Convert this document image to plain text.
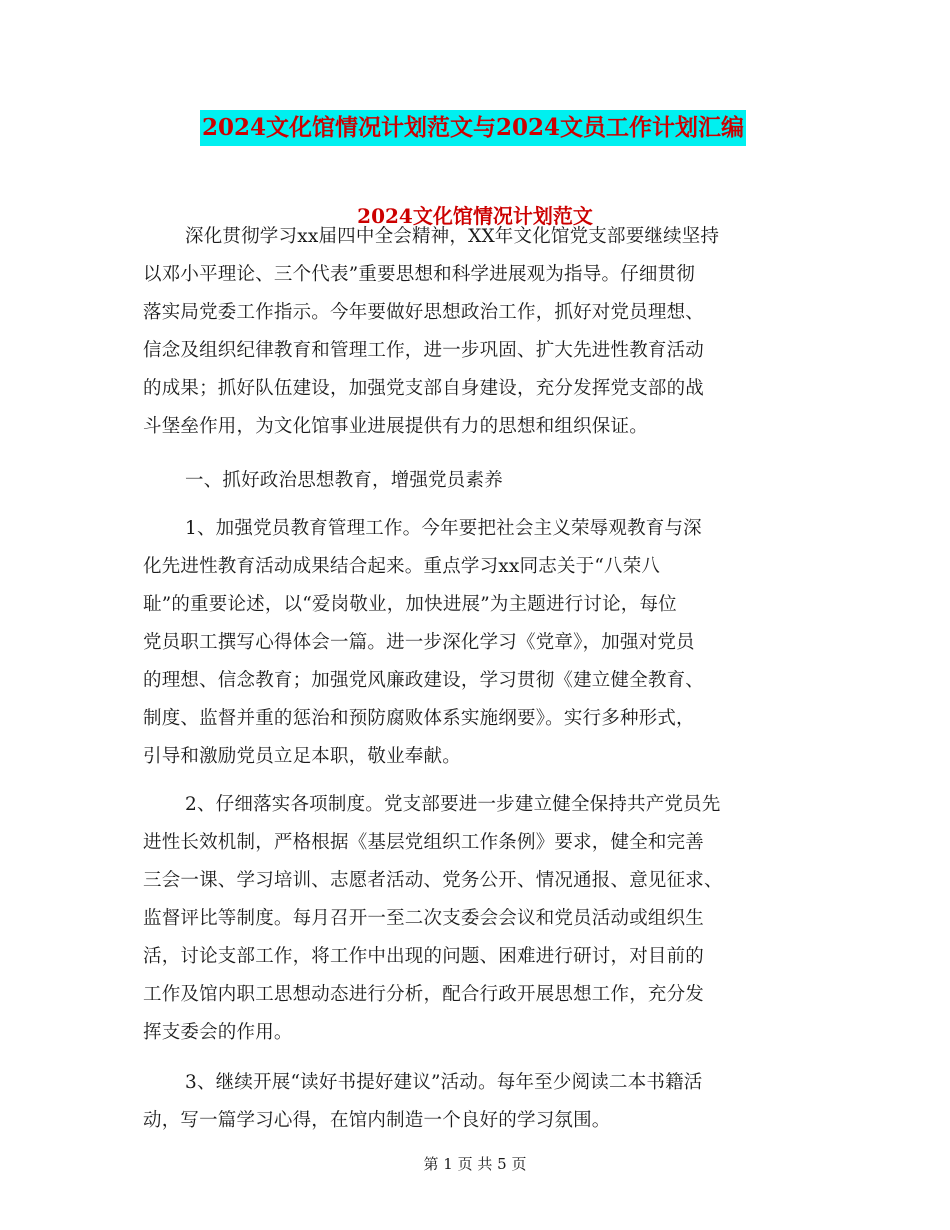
2024文化馆情况计划范文与2024文员工作计划汇编
2024文化馆情况计划范文
深化贯彻学习xx届四中全会精神，XX年文化馆党支部要继续坚持
以邓小平理论、三个代表”重要思想和科学进展观为指导。仔细贯彻
落实局党委工作指示。今年要做好思想政治工作，抓好对党员理想、
信念及组织纪律教育和管理工作，进一步巩固、扩大先进性教育活动
的成果；抓好队伍建设，加强党支部自身建设，充分发挥党支部的战
斗堡垒作用，为文化馆事业进展提供有力的思想和组织保证。
一、抓好政治思想教育，增强党员素养
1、加强党员教育管理工作。今年要把社会主义荣辱观教育与深
化先进性教育活动成果结合起来。重点学习xx同志关于“八荣八
耻”的重要论述，以“爱岗敬业，加快进展”为主题进行讨论，每位
党员职工撰写心得体会一篇。进一步深化学习《党章》，加强对党员
的理想、信念教育；加强党风廉政建设，学习贯彻《建立健全教育、
制度、监督并重的惩治和预防腐败体系实施纲要》。实行多种形式，
引导和激励党员立足本职，敬业奉献。
2、仔细落实各项制度。党支部要进一步建立健全保持共产党员先
进性长效机制，严格根据《基层党组织工作条例》要求，健全和完善
三会一课、学习培训、志愿者活动、党务公开、情况通报、意见征求、
监督评比等制度。每月召开一至二次支委会会议和党员活动或组织生
活，讨论支部工作，将工作中出现的问题、困难进行研讨，对目前的
工作及馆内职工思想动态进行分析，配合行政开展思想工作，充分发
挥支委会的作用。
3、继续开展“读好书提好建议”活动。每年至少阅读二本书籍活
动，写一篇学习心得，在馆内制造一个良好的学习氛围。
第 1 页 共 5 页
